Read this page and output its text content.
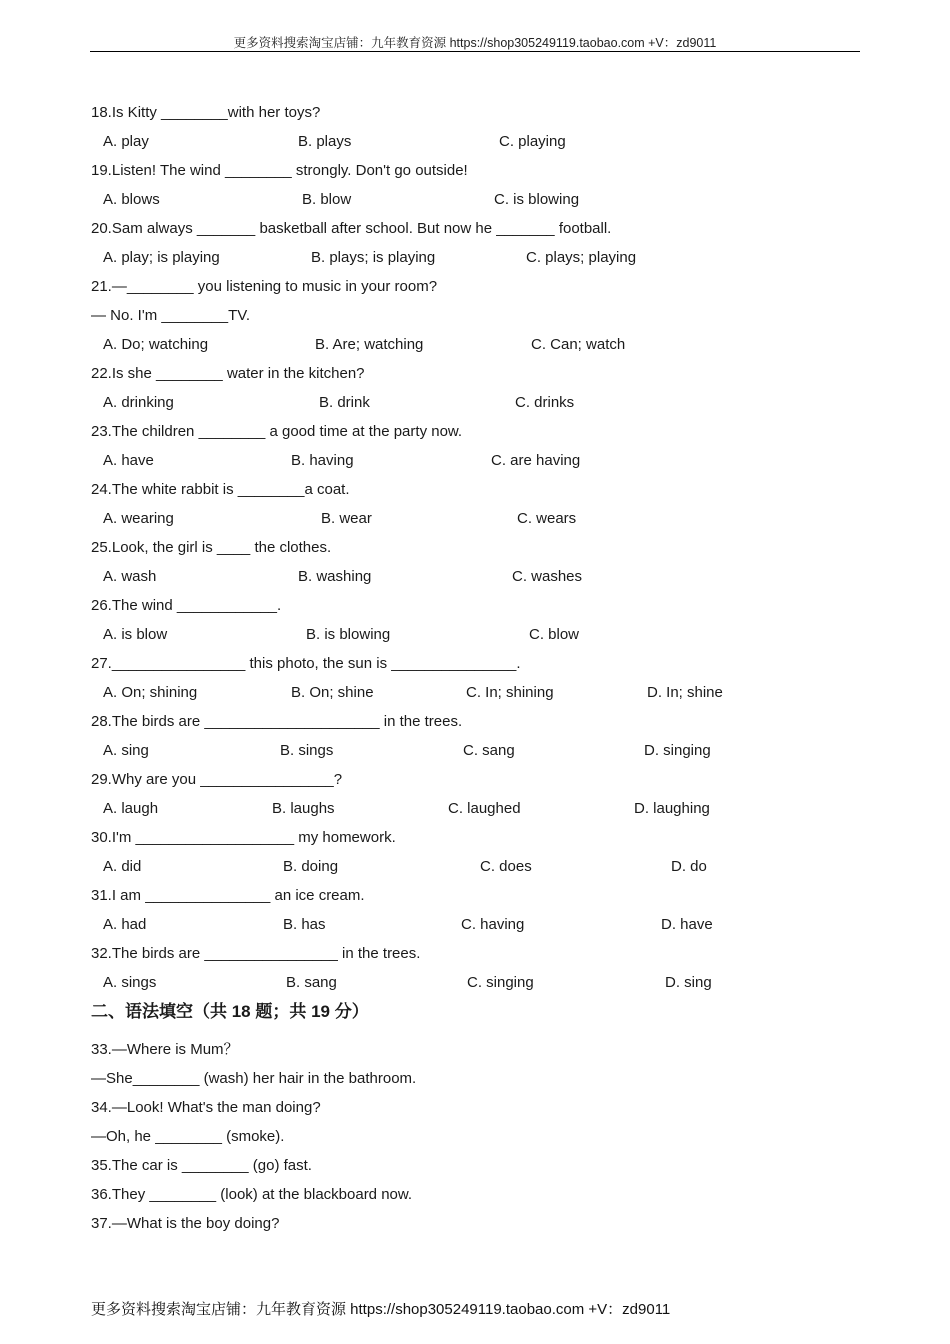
更多资料搜索淘宝店铺：九年教育资源 https://shop305249119.taobao.com +V：zd9011
18.Is Kitty ________with her toys?
A. play	B. plays	C. playing
19.Listen! The wind ________ strongly. Don't go outside!
A. blows	B. blow	C. is blowing
20.Sam always _______ basketball after school. But now he _______ football.
A. play; is playing	B. plays; is playing	C. plays; playing
21.—________ you listening to music in your room?
— No. I'm ________TV.
A. Do; watching	B. Are; watching	C. Can; watch
22.Is she ________ water in the kitchen?
A. drinking	B. drink	C. drinks
23.The children ________ a good time at the party now.
A. have	B. having	C. are having
24.The white rabbit is ________a coat.
A. wearing	B. wear	C. wears
25.Look, the girl is ____ the clothes.
A. wash	B. washing	C. washes
26.The wind ____________.
A. is blow	B. is blowing	C. blow
27.________________ this photo, the sun is _______________.
A. On; shining	B. On; shine	C. In; shining	D. In; shine
28.The birds are _____________________ in the trees.
A. sing	B. sings	C. sang	D. singing
29.Why are you ________________?
A. laugh	B. laughs	C. laughed	D. laughing
30.I'm ___________________ my homework.
A. did	B. doing	C. does	D. do
31.I am _______________ an ice cream.
A. had	B. has	C. having	D. have
32.The birds are ________________ in the trees.
A. sings	B. sang	C. singing	D. sing
二、语法填空（共 18 题；共 19 分）
33.—Where is Mum？
—She________ (wash) her hair in the bathroom.
34.—Look! What's the man doing?
—Oh, he ________ (smoke).
35.The car is ________ (go) fast.
36.They ________ (look) at the blackboard now.
37.—What is the boy doing?
更多资料搜索淘宝店铺：九年教育资源 https://shop305249119.taobao.com +V：zd9011
